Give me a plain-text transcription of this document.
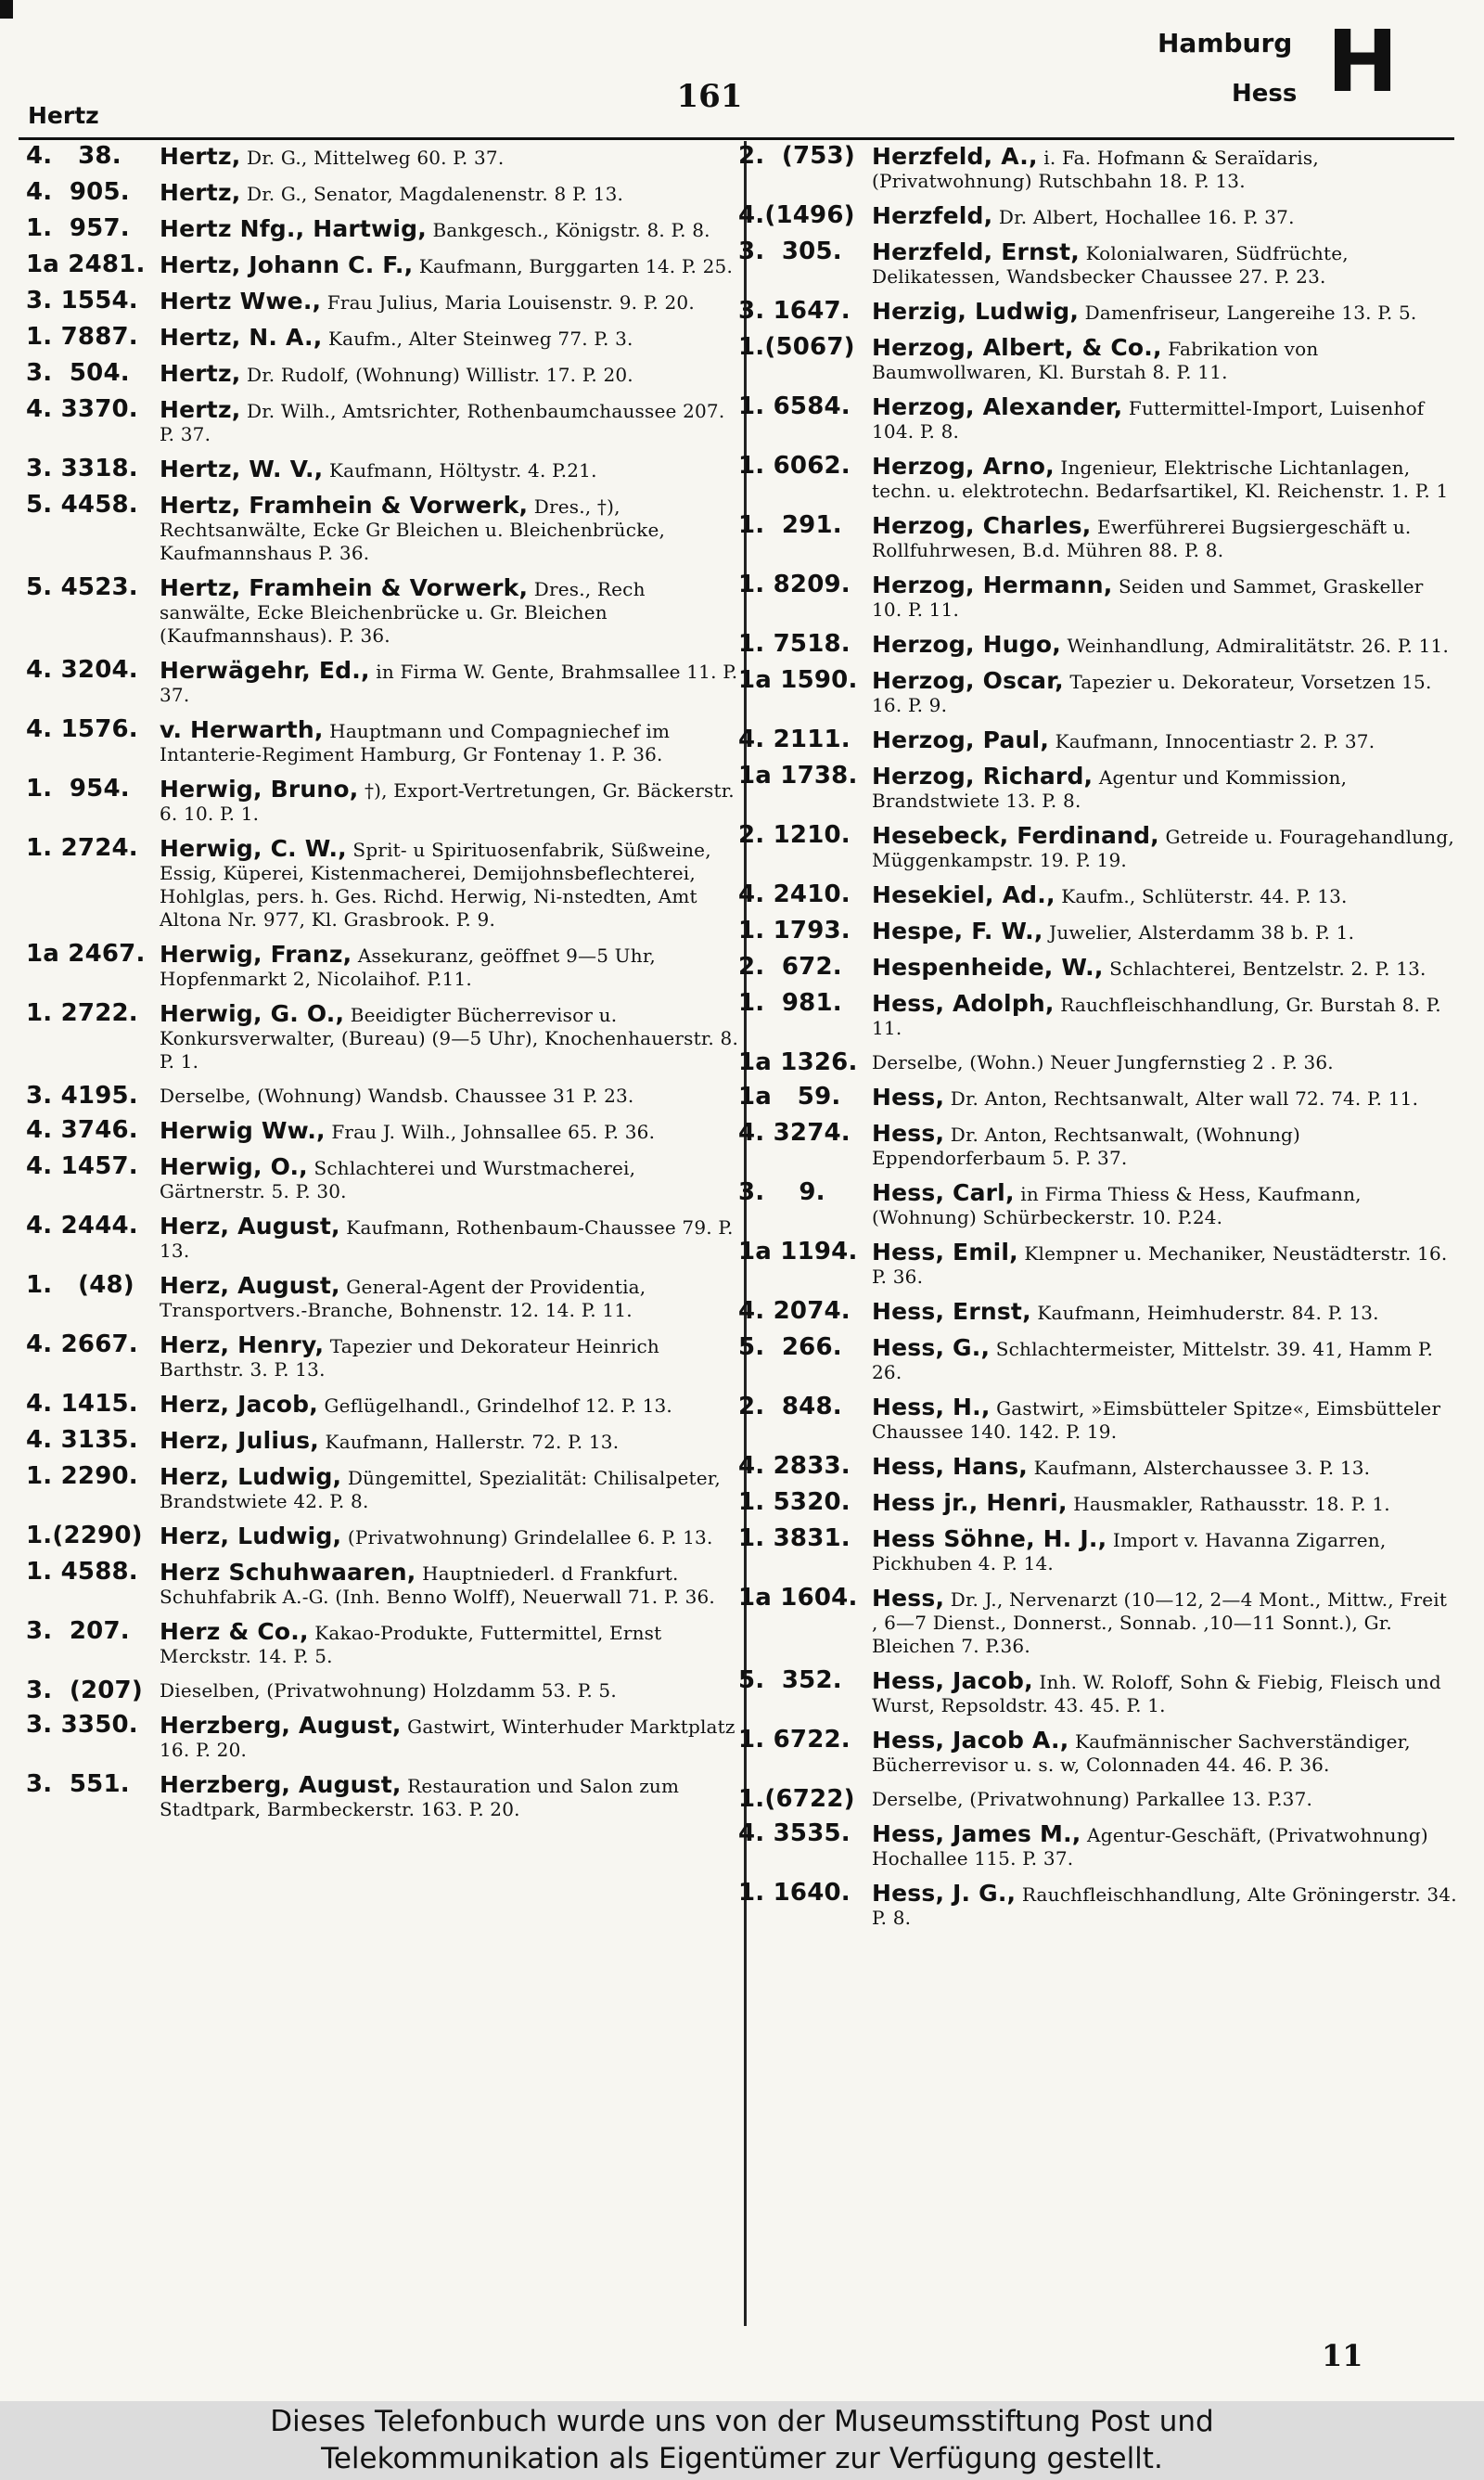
Hamburg H
161
Hertz
Hess
4.   38.	Hertz, Dr. G., Mittelweg 60. P. 37.
4.  905.	Hertz, Dr. G., Senator, Magdalenenstr. 8 P. 13.
1.  957.	Hertz Nfg., Hartwig, Bankgesch., Königstr. 8. P. 8.
1a 2481. Hertz, Johann C. F., Kaufmann, Burggarten 14. P. 25.
3. 1554. Hertz Wwe., Frau Julius, Maria Louisenstr. 9. P. 20.
1. 7887. Hertz, N. A., Kaufm., Alter Steinweg 77. P. 3.
3.  504.	Hertz, Dr. Rudolf, (Wohnung) Willistr. 17. P. 20.
4. 3370. Hertz, Dr. Wilh., Amtsrichter, Rothenbaumchaussee 207. P. 37.
3. 3318. Hertz, W. V., Kaufmann, Höltystr. 4. P.21.
5. 4458. Hertz, Framhein & Vorwerk, Dres., †), Rechtsanwälte, Ecke Gr Bleichen u. Bleichenbrücke, Kaufmannshaus P. 36.
5. 4523. Hertz, Framhein & Vorwerk, Dres., Rech sanwälte, Ecke Bleichenbrücke u. Gr. Bleichen (Kaufmannshaus). P. 36.
4. 3204. Herwägehr, Ed., in Firma W. Gente, Brahmsallee 11. P. 37.
4. 1576. v. Herwarth, Hauptmann und Compagniechef im Intanterie-Regiment Hamburg, Gr Fontenay 1. P. 36.
1.  954.	Herwig, Bruno, †), Export-Vertretungen, Gr. Bäckerstr. 6. 10. P. 1.
1. 2724. Herwig, C. W., Sprit- u Spirituosenfabrik, Süßweine, Essig, Küperei, Kistenmacherei, Demijohnsbeflechterei, Hohlglas, pers. h. Ges. Richd. Herwig, Ni-nstedten, Amt Altona Nr. 977, Kl. Grasbrook. P. 9.
1a 2467. Herwig, Franz, Assekuranz, geöffnet 9—5 Uhr, Hopfenmarkt 2, Nicolaihof. P.11.
1. 2722. Herwig, G. O., Beeidigter Bücherrevisor u. Konkursverwalter, (Bureau) (9—5 Uhr), Knochenhauerstr. 8. P. 1.
3. 4195.	Derselbe, (Wohnung) Wandsb. Chaussee 31 P. 23.
4. 3746. Herwig Ww., Frau J. Wilh., Johnsallee 65. P. 36.
4. 1457. Herwig, O., Schlachterei und Wurstmacherei, Gärtnerstr. 5. P. 30.
4. 2444. Herz, August, Kaufmann, Rothenbaum-Chaussee 79. P. 13.
1.   (48)	Herz, August, General-Agent der Providentia, Transportvers.-Branche, Bohnenstr. 12. 14. P. 11.
4. 2667. Herz, Henry, Tapezier und Dekorateur Heinrich Barthstr. 3. P. 13.
4. 1415. Herz, Jacob, Geflügelhandl., Grindelhof 12. P. 13.
4. 3135. Herz, Julius, Kaufmann, Hallerstr. 72. P. 13.
1. 2290. Herz, Ludwig, Düngemittel, Spezialität: Chilisalpeter, Brandstwiete 42. P. 8.
1.(2290) Herz, Ludwig, (Privatwohnung) Grindelallee 6. P. 13.
1. 4588. Herz Schuhwaaren, Hauptniederl. d Frankfurt. Schuhfabrik A.-G. (Inh. Benno Wolff), Neuerwall 71. P. 36.
3.  207.	Herz & Co., Kakao-Produkte, Futtermittel, Ernst Merckstr. 14. P. 5.
3.  (207) Dieselben, (Privatwohnung) Holzdamm 53. P. 5.
3. 3350. Herzberg, August, Gastwirt, Winterhuder Marktplatz 16. P. 20.
3.  551.	Herzberg, August, Restauration und Salon zum Stadtpark, Barmbeckerstr. 163. P. 20.
2.  (753) Herzfeld, A., i. Fa. Hofmann & Seraïdaris, (Privatwohnung) Rutschbahn 18. P. 13.
4.(1496) Herzfeld, Dr. Albert, Hochallee 16. P. 37.
3.  305.	Herzfeld, Ernst, Kolonialwaren, Südfrüchte, Delikatessen, Wandsbecker Chaussee 27. P. 23.
3. 1647. Herzig, Ludwig, Damenfriseur, Langereihe 13. P. 5.
1.(5067) Herzog, Albert, & Co., Fabrikation von Baumwollwaren, Kl. Burstah 8. P. 11.
1. 6584. Herzog, Alexander, Futtermittel-Import, Luisenhof 104. P. 8.
1. 6062. Herzog, Arno, Ingenieur, Elektrische Lichtanlagen, techn. u. elektrotechn. Bedarfsartikel, Kl. Reichenstr. 1. P. 1
1.  291.	Herzog, Charles, Ewerführerei Bugsiergeschäft u. Rollfuhrwesen, B.d. Mühren 88. P. 8.
1. 8209. Herzog, Hermann, Seiden und Sammet, Graskeller 10. P. 11.
1. 7518. Herzog, Hugo, Weinhandlung, Admiralitätstr. 26. P. 11.
1a 1590. Herzog, Oscar, Tapezier u. Dekorateur, Vorsetzen 15. 16. P. 9.
4. 2111. Herzog, Paul, Kaufmann, Innocentiastr 2. P. 37.
1a 1738. Herzog, Richard, Agentur und Kommission, Brandstwiete 13. P. 8.
2. 1210. Hesebeck, Ferdinand, Getreide u. Fouragehandlung, Müggenkampstr. 19. P. 19.
4. 2410. Hesekiel, Ad., Kaufm., Schlüterstr. 44. P. 13.
1. 1793. Hespe, F. W., Juwelier, Alsterdamm 38 b. P. 1.
2.  672.	Hespenheide, W., Schlachterei, Bentzelstr. 2. P. 13.
1.  981.	Hess, Adolph, Rauchfleischhandlung, Gr. Burstah 8. P. 11.
1a 1326. Derselbe, (Wohn.) Neuer Jungfernstieg 2 . P. 36.
1a   59.	Hess, Dr. Anton, Rechtsanwalt, Alter wall 72. 74. P. 11.
4. 3274. Hess, Dr. Anton, Rechtsanwalt, (Wohnung) Eppendorferbaum 5. P. 37.
3.    9.	Hess, Carl, in Firma Thiess & Hess, Kaufmann, (Wohnung) Schürbeckerstr. 10. P.24.
1a 1194. Hess, Emil, Klempner u. Mechaniker, Neustädterstr. 16. P. 36.
4. 2074. Hess, Ernst, Kaufmann, Heimhuderstr. 84. P. 13.
5.  266.	Hess, G., Schlachtermeister, Mittelstr. 39. 41, Hamm P. 26.
2.  848.	Hess, H., Gastwirt, »Eimsbütteler Spitze«, Eimsbütteler Chaussee 140. 142. P. 19.
4. 2833. Hess, Hans, Kaufmann, Alsterchaussee 3. P. 13.
1. 5320. Hess jr., Henri, Hausmakler, Rathausstr. 18. P. 1.
1. 3831. Hess Söhne, H. J., Import v. Havanna Zigarren, Pickhuben 4. P. 14.
1a 1604. Hess, Dr. J., Nervenarzt (10—12, 2—4 Mont., Mittw., Freit , 6—7 Dienst., Donnerst., Sonnab. ,10—11 Sonnt.), Gr. Bleichen 7. P.36.
5.  352.	Hess, Jacob, Inh. W. Roloff, Sohn & Fiebig, Fleisch und Wurst, Repsoldstr. 43. 45. P. 1.
1. 6722. Hess, Jacob A., Kaufmännischer Sachverständiger, Bücherrevisor u. s. w, Colonnaden 44. 46. P. 36.
1.(6722) Derselbe, (Privatwohnung) Parkallee 13. P.37.
4. 3535. Hess, James M., Agentur-Geschäft, (Privatwohnung) Hochallee 115. P. 37.
1. 1640. Hess, J. G., Rauchfleischhandlung, Alte Gröningerstr. 34. P. 8.
11
Dieses Telefonbuch wurde uns von der Museumsstiftung Post und
Telekommunikation als Eigentümer zur Verfügung gestellt.
